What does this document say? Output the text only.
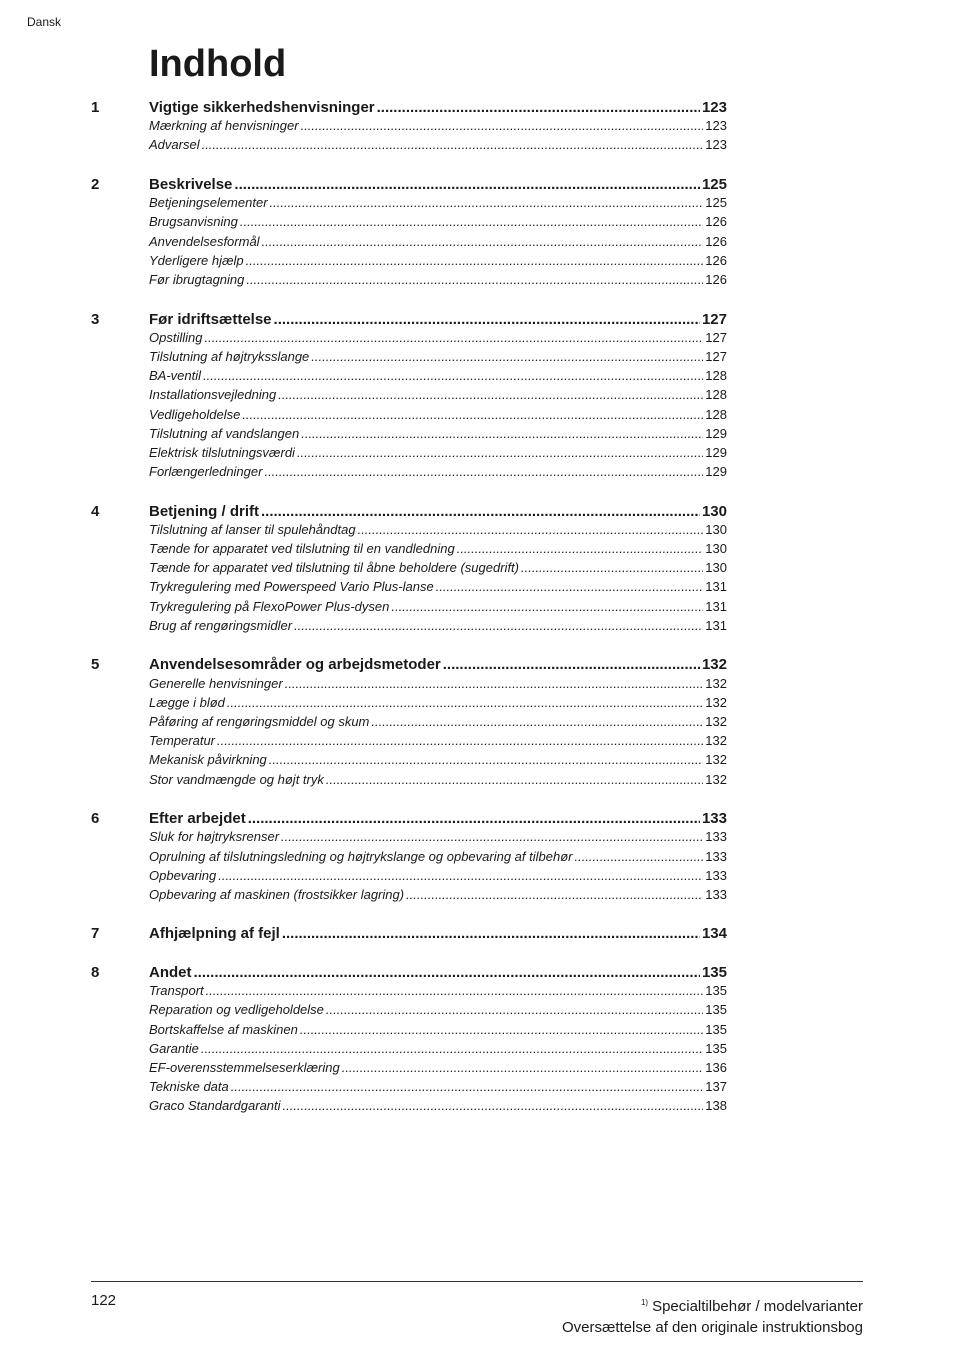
Dansk
Indhold
1	Vigtige sikkerhedshenvisninger .....	123
Mærkning af henvisninger .....	123
Advarsel .....	123
2	Beskrivelse .....	125
Betjeningselementer .....	125
Brugsanvisning .....	126
Anvendelsesformål .....	126
Yderligere hjælp .....	126
Før ibrugtagning .....	126
3	Før idriftsættelse .....	127
Opstilling .....	127
Tilslutning af højtryksslange .....	127
BA-ventil .....	128
Installationsvejledning .....	128
Vedligeholdelse .....	128
Tilslutning af vandslangen .....	129
Elektrisk tilslutningsværdi .....	129
Forlængerledninger .....	129
4	Betjening / drift .....	130
Tilslutning af lanser til spulehåndtag .....	130
Tænde for apparatet ved tilslutning til en vandledning .....	130
Tænde for apparatet ved tilslutning til åbne beholdere (sugedrift) .....	130
Trykregulering med Powerspeed Vario Plus-lanse .....	131
Trykregulering på FlexoPower Plus-dysen .....	131
Brug af rengøringsmidler .....	131
5	Anvendelsesområder og arbejdsmetoder .....	132
Generelle henvisninger .....	132
Lægge i blød .....	132
Påføring af rengøringsmiddel og skum .....	132
Temperatur .....	132
Mekanisk påvirkning .....	132
Stor vandmængde og højt tryk .....	132
6	Efter arbejdet .....	133
Sluk for højtryksrenser .....	133
Oprulning af tilslutningsledning og højtrykslange og opbevaring af tilbehør .....	133
Opbevaring .....	133
Opbevaring af maskinen (frostsikker lagring) .....	133
7	Afhjælpning af fejl .....	134
8	Andet .....	135
Transport .....	135
Reparation og vedligeholdelse .....	135
Bortskaffelse af maskinen .....	135
Garantie .....	135
EF-overensstemmelseserklæring .....	136
Tekniske data .....	137
Graco Standardgaranti .....	138
122	$^{1)}$ Specialtilbehør / modelvarianter
Oversættelse af den originale instruktionsbog
